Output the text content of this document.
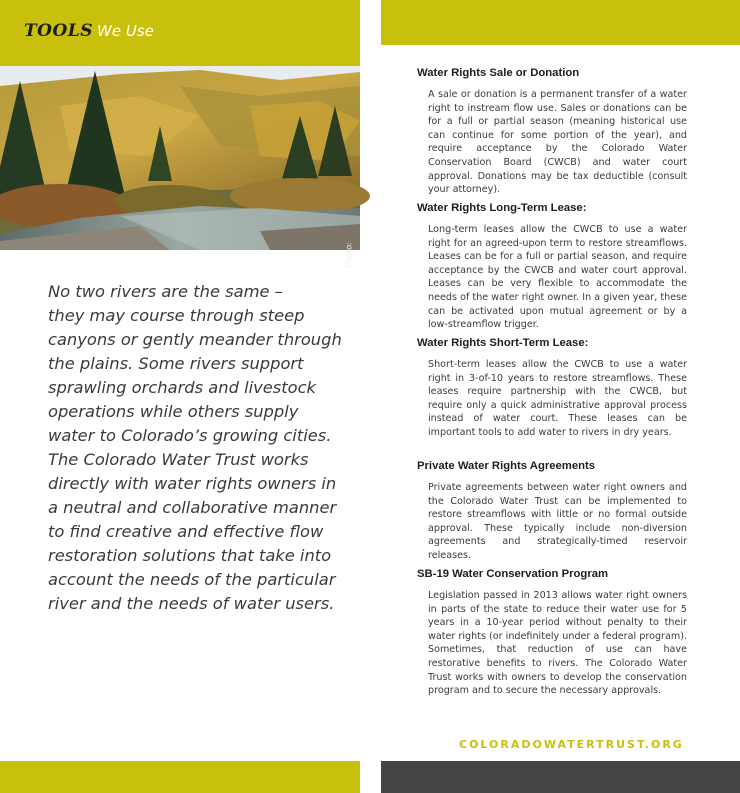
TOOLS We Use
Photo:
No two rivers are the same –
they may course through steep
canyons or gently meander through
the plains. Some rivers support
sprawling orchards and livestock
operations while others supply
water to Colorado’s growing cities.
The Colorado Water Trust works
directly with water rights owners in
a neutral and collaborative manner
to find creative and effective flow
restoration solutions that take into
account the needs of the particular
river and the needs of water users.
Water Rights Sale or Donation

A sale or donation is a permanent transfer of a water right to instream flow use. Sales or donations can be for a full or partial season (meaning historical use can continue for some portion of the year), and require acceptance by the Colorado Water Conservation Board (CWCB) and water court approval. Donations may be tax deductible (consult your attorney).

Water Rights Long-Term Lease:

Long-term leases allow the CWCB to use a water right for an agreed-upon term to restore streamflows. Leases can be for a full or partial season, and require acceptance by the CWCB and water court approval. Leases can be very flexible to accommodate the needs of the water right owner. In a given year, these can be activated upon mutual agreement or by a low-streamflow trigger.

Water Rights Short-Term Lease:

Short-term leases allow the CWCB to use a water right in 3-of-10 years to restore streamflows. These leases require partnership with the CWCB, but require only a quick administrative approval process instead of water court. These leases can be important tools to add water to rivers in dry years.

Private Water Rights Agreements

Private agreements between water right owners and the Colorado Water Trust can be implemented to restore streamflows with little or no formal outside approval. These typically include non-diversion agreements and strategically-timed reservoir releases.

SB-19 Water Conservation Program

Legislation passed in 2013 allows water right owners in parts of the state to reduce their water use for 5 years in a 10-year period without penalty to their water rights (or indefinitely under a federal program). Sometimes, that reduction of use can have restorative benefits to rivers. The Colorado Water Trust works with owners to develop the conservation program and to secure the necessary approvals.

COLORADOWATERTRUST.ORG
